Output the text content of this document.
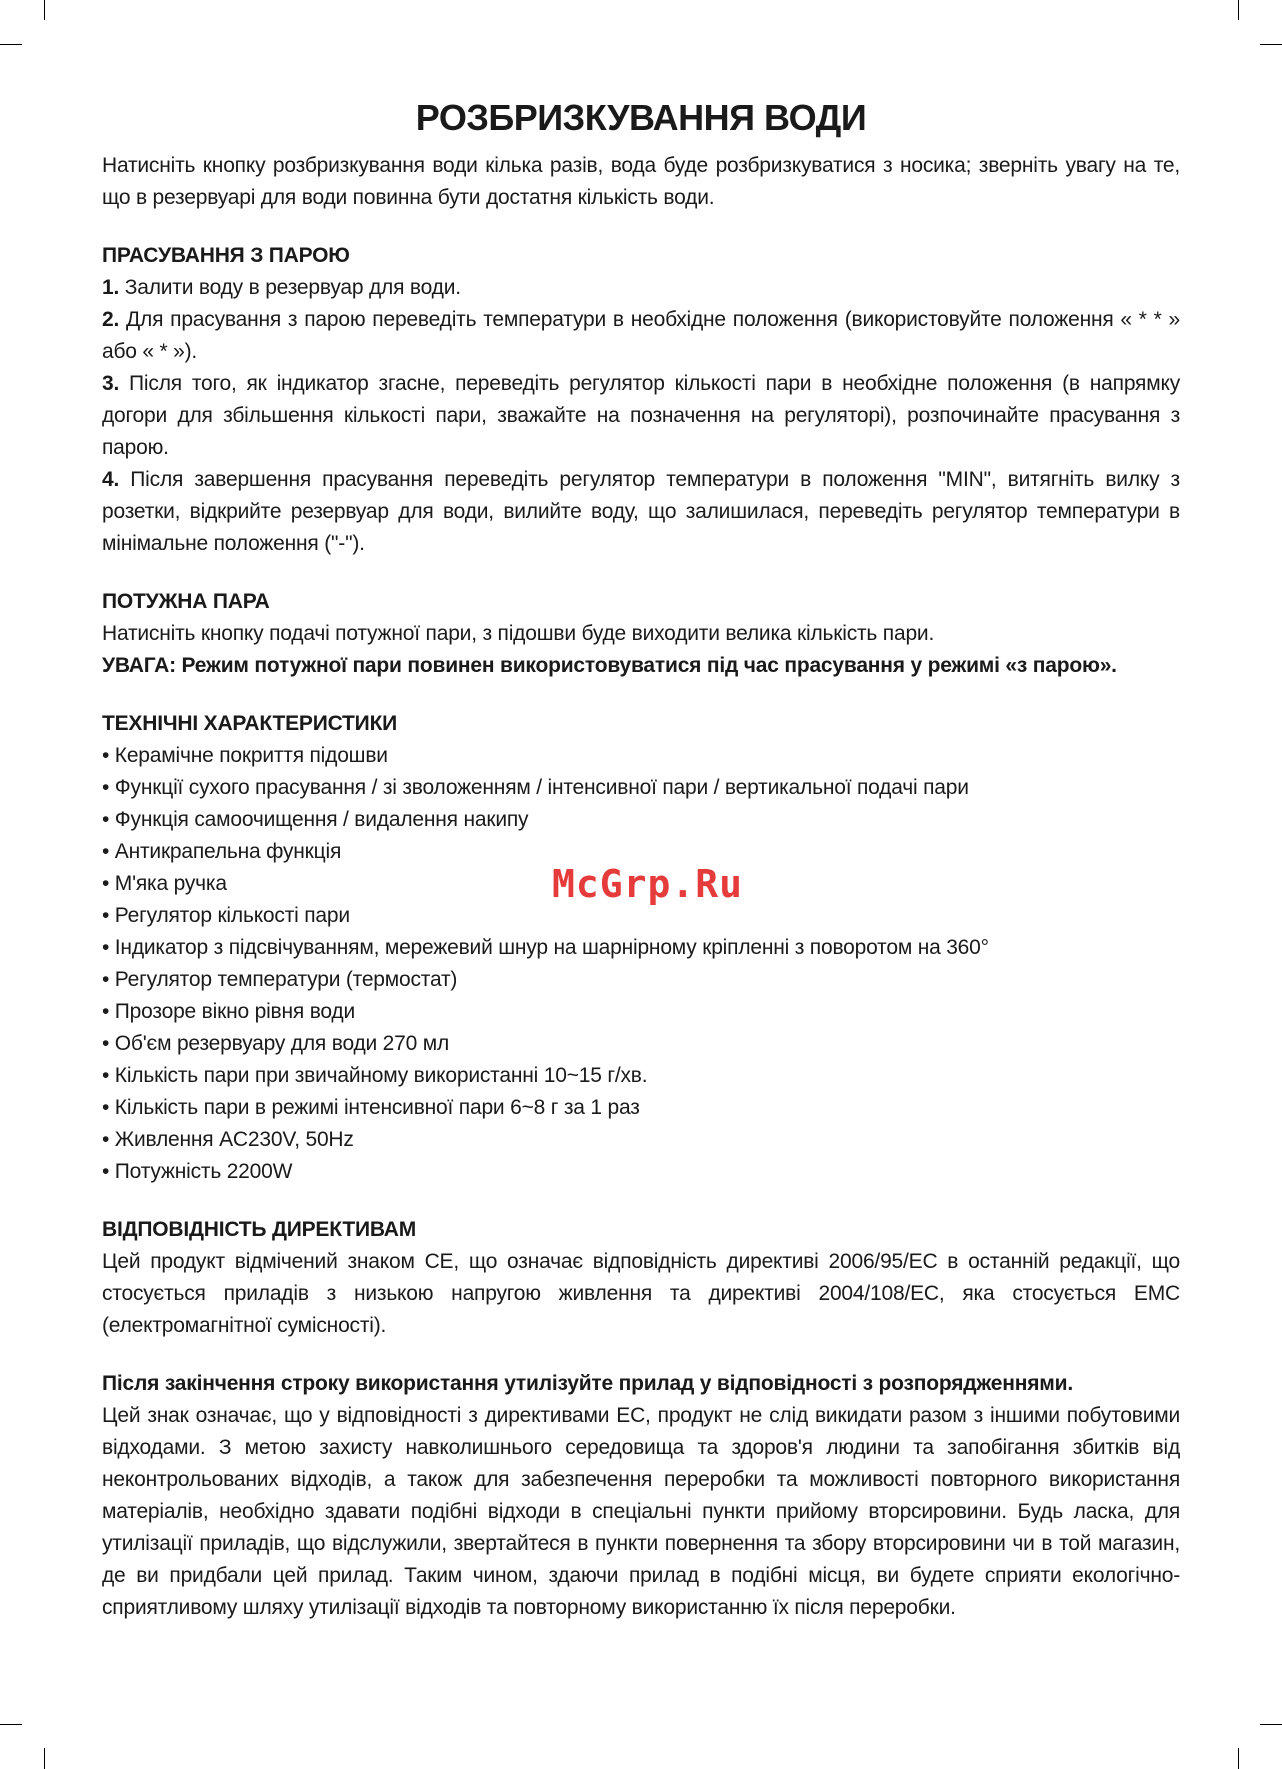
РОЗБРИЗКУВАННЯ ВОДИ

Натисніть кнопку розбризкування води кілька разів, вода буде розбризкуватися з носика; зверніть увагу на те, що в резервуарі для води повинна бути достатня кількість води.

ПРАСУВАННЯ З ПАРОЮ

1. Залити воду в резервуар для води.

2. Для прасування з парою переведіть температури в необхідне положення (використовуйте положення « * * » або « * »).

3. Після того, як індикатор згасне, переведіть регулятор кількості пари в необхідне положення (в напрямку догори для збільшення кількості пари, зважайте на позначення на регуляторі), розпочинайте прасування з парою.

4. Після завершення прасування переведіть регулятор температури в положення "MIN", витягніть вилку з розетки, відкрийте резервуар для води, вилийте воду, що залишилася, переведіть регулятор температури в мінімальне положення ("-").

ПОТУЖНА ПАРА

Натисніть кнопку подачі потужної пари, з підошви буде виходити велика кількість пари.

УВАГА: Режим потужної пари повинен використовуватися під час прасування у режимі «з парою».

ТЕХНІЧНІ ХАРАКТЕРИСТИКИ

• Керамічне покриття підошви
• Функції сухого прасування / зі зволоженням / інтенсивної пари / вертикальної подачі пари
• Функція самоочищення / видалення накипу
• Антикрапельна функція
• М'яка ручка
• Регулятор кількості пари
• Індикатор з підсвічуванням, мережевий шнур на шарнірному кріпленні з поворотом на 360°
• Регулятор температури (термостат)
• Прозоре вікно рівня води
• Об'єм резервуару для води 270 мл
• Кількість пари при звичайному використанні 10~15 г/хв.
• Кількість пари в режимі інтенсивної пари 6~8 г за 1 раз
• Живлення AC230V, 50Hz
• Потужність 2200W

ВІДПОВІДНІСТЬ ДИРЕКТИВАМ

Цей продукт відмічений знаком СЕ, що означає відповідність директиві 2006/95/ЕС в останній редакції, що стосується приладів з низькою напругою живлення та директиві 2004/108/ЕС, яка стосується ЕМС (електромагнітної сумісності).

Після закінчення строку використання утилізуйте прилад у відповідності з розпорядженнями.

Цей знак означає, що у відповідності з директивами ЕС, продукт не слід викидати разом з іншими побутовими відходами. З метою захисту навколишнього середовища та здоров'я людини та запобігання збитків від неконтрольованих відходів, а також для забезпечення переробки та можливості повторного використання матеріалів, необхідно здавати подібні відходи в спеціальні пункти прийому вторсировини. Будь ласка, для утилізації приладів, що відслужили, звертайтеся в пункти повернення та збору вторсировини чи в той магазин, де ви придбали цей прилад. Таким чином, здаючи прилад в подібні місця, ви будете сприяти екологічно-сприятливому шляху утилізації відходів та повторному використанню їх після переробки.

McGrp.Ru
